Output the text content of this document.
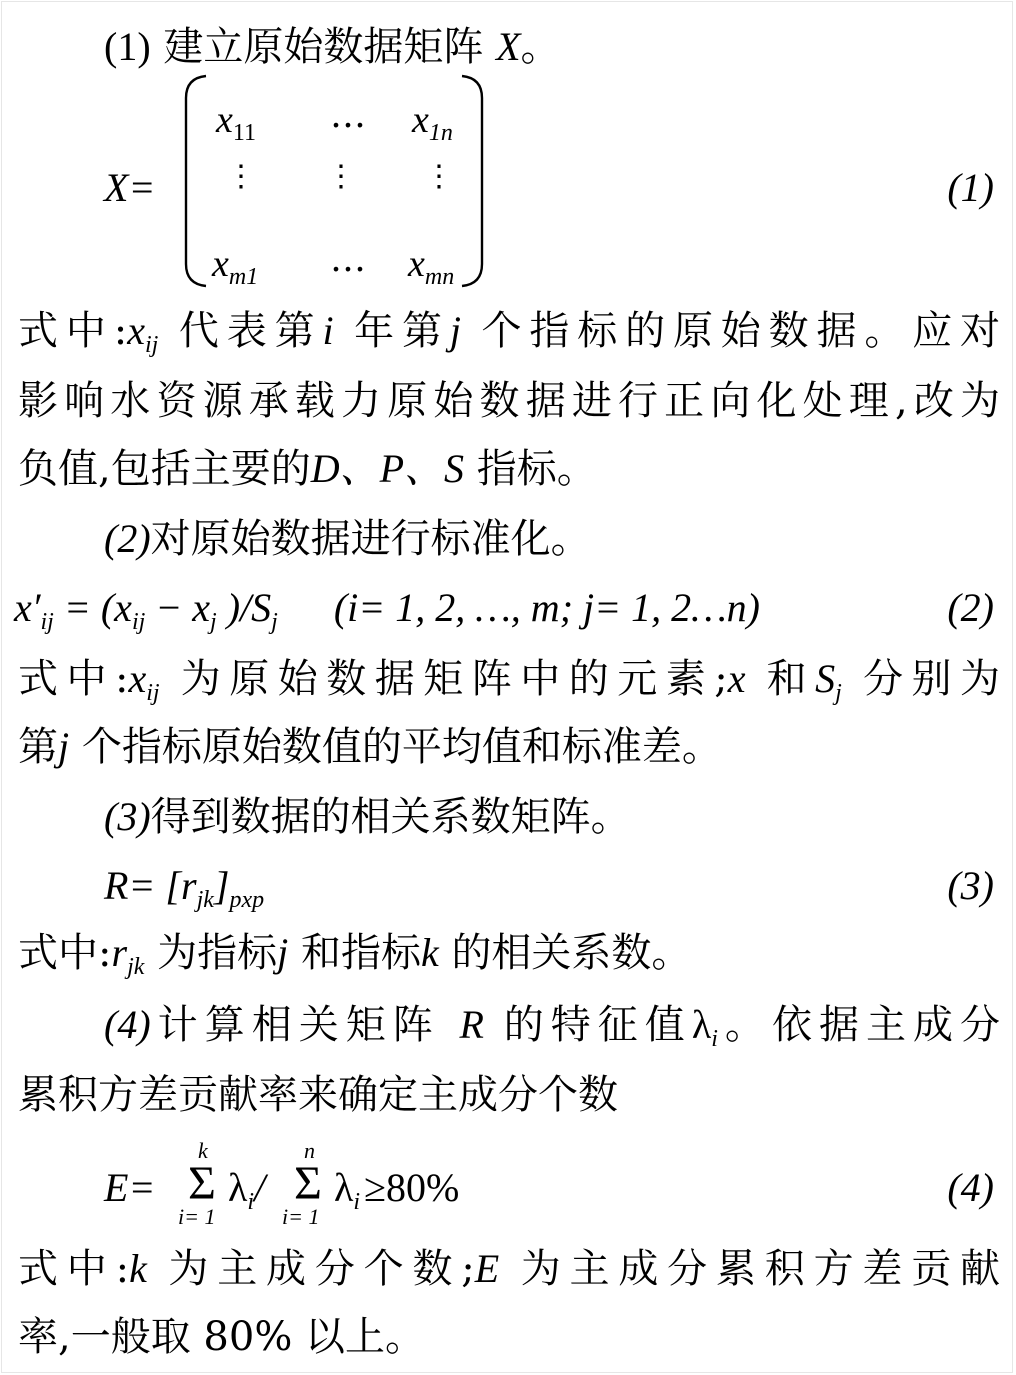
(1) 建立原始数据矩阵 X。
X=
$x_{11}$ … $x_{1n}$
⋮ ⋮ ⋮
$x_{m1}$ … $x_{mn}$
(1)
式中$:x_{ij}$ 代表第i 年第j 个指标的原始数据。应对
影响水资源承载力原始数据进行正向化处理,改为
负值,包括主要的D、P、S 指标。
(2)对原始数据进行标准化。
$x'_{ij} = (x_{ij} - x_j$ )$/S_j$ (i= 1, 2, …, m; j= 1, 2…n)	(2)
式中$:x_{ij}$ 为原始数据矩阵中的元素;x 和$S_j$ 分别为
第j 个指标原始数值的平均值和标准差。
(3)得到数据的相关系数矩阵。
$R= [r_{jk}]_{pxp}$	(3)
式中$:r_{jk}$ 为指标j 和指标k 的相关系数。
(4)计算相关矩阵 R 的特征值$\lambda_i$。依据主成分
累积方差贡献率来确定主成分个数
E=
k
Σ
i= 1
$\lambda_i/$
n
Σ
i= 1
$\lambda_i \ge 80\%$	(4)
式中:k 为主成分个数;E 为主成分累积方差贡献
率,一般取 80% 以上。
